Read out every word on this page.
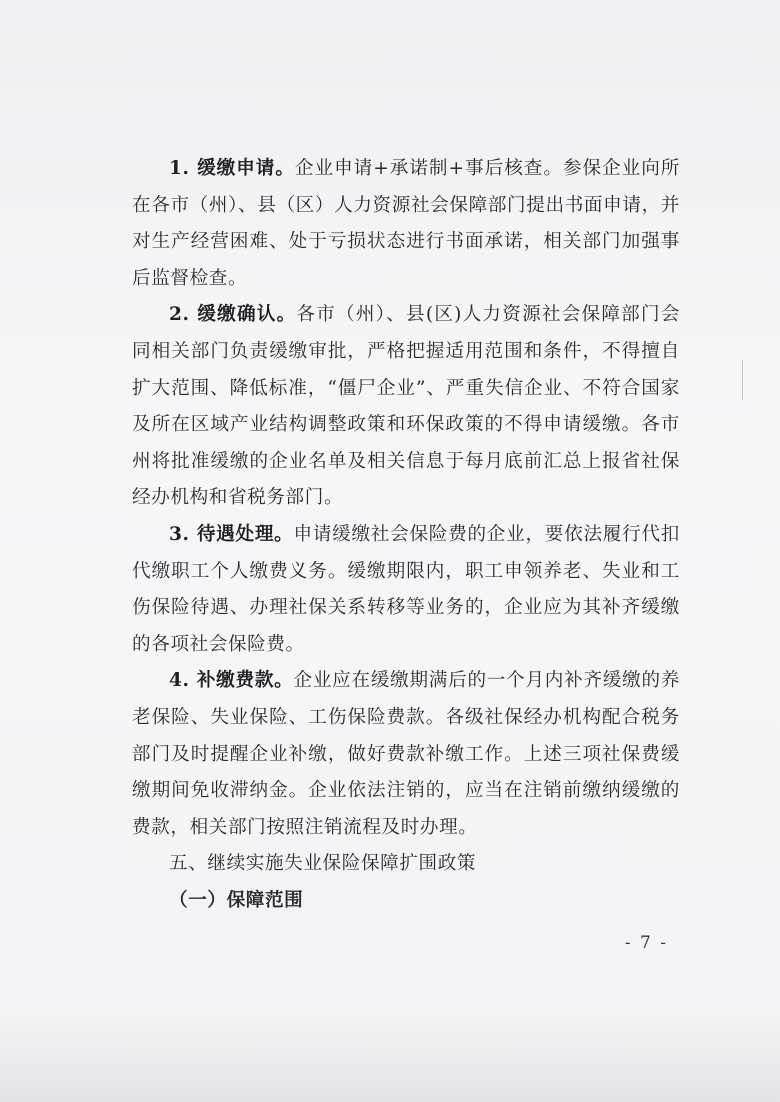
1. 缓缴申请。企业申请+承诺制+事后核查。参保企业向所在各市（州）、县（区）人力资源社会保障部门提出书面申请，并对生产经营困难、处于亏损状态进行书面承诺，相关部门加强事后监督检查。

2. 缓缴确认。各市（州）、县(区)人力资源社会保障部门会同相关部门负责缓缴审批，严格把握适用范围和条件，不得擅自扩大范围、降低标准，“僵尸企业”、严重失信企业、不符合国家及所在区域产业结构调整政策和环保政策的不得申请缓缴。各市州将批准缓缴的企业名单及相关信息于每月底前汇总上报省社保经办机构和省税务部门。

3. 待遇处理。申请缓缴社会保险费的企业，要依法履行代扣代缴职工个人缴费义务。缓缴期限内，职工申领养老、失业和工伤保险待遇、办理社保关系转移等业务的，企业应为其补齐缓缴的各项社会保险费。

4. 补缴费款。企业应在缓缴期满后的一个月内补齐缓缴的养老保险、失业保险、工伤保险费款。各级社保经办机构配合税务部门及时提醒企业补缴，做好费款补缴工作。上述三项社保费缓缴期间免收滞纳金。企业依法注销的，应当在注销前缴纳缓缴的费款，相关部门按照注销流程及时办理。

五、继续实施失业保险保障扩围政策

（一）保障范围

- 7 -
